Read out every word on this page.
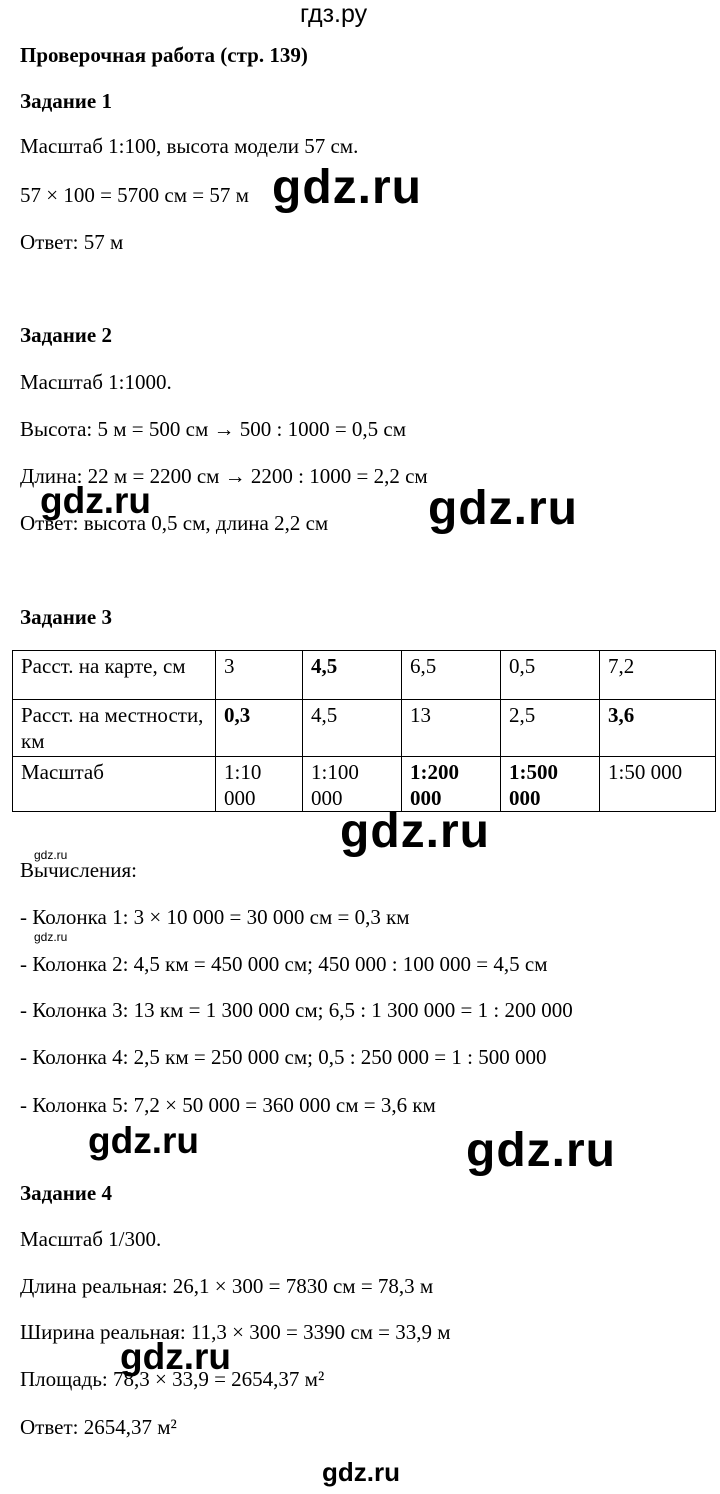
гдз.ру
Проверочная работа (стр. 139)
Задание 1
Масштаб 1:100, высота модели 57 см.
57 × 100 = 5700 см = 57 м gdz.ru
Ответ: 57 м
Задание 2
Масштаб 1:1000.
Высота: 5 м = 500 см → 500 : 1000 = 0,5 см
Длина: 22 м = 2200 см → 2200 : 1000 = 2,2 см
Ответ: высота 0,5 см, длина 2,2 см
gdz.ru	gdz.ru
Задание 3
Расст. на карте, см	3	4,5	6,5	0,5	7,2
Расст. на местности, км	0,3	4,5	13	2,5	3,6
Масштаб	1:10 000	1:100 000	1:200 000	1:500 000	1:50 000
gdz.ru
gdz.ru
Вычисления:
- Колонка 1: 3 × 10 000 = 30 000 см = 0,3 км
gdz.ru
- Колонка 2: 4,5 км = 450 000 см; 450 000 : 100 000 = 4,5 см
- Колонка 3: 13 км = 1 300 000 см; 6,5 : 1 300 000 = 1 : 200 000
- Колонка 4: 2,5 км = 250 000 см; 0,5 : 250 000 = 1 : 500 000
- Колонка 5: 7,2 × 50 000 = 360 000 см = 3,6 км
gdz.ru	gdz.ru
Задание 4
Масштаб 1/300.
Длина реальная: 26,1 × 300 = 7830 см = 78,3 м
Ширина реальная: 11,3 × 300 = 3390 см = 33,9 м
Площадь: 78,3 × 33,9 = 2654,37 м²
gdz.ru
Ответ: 2654,37 м²
gdz.ru
